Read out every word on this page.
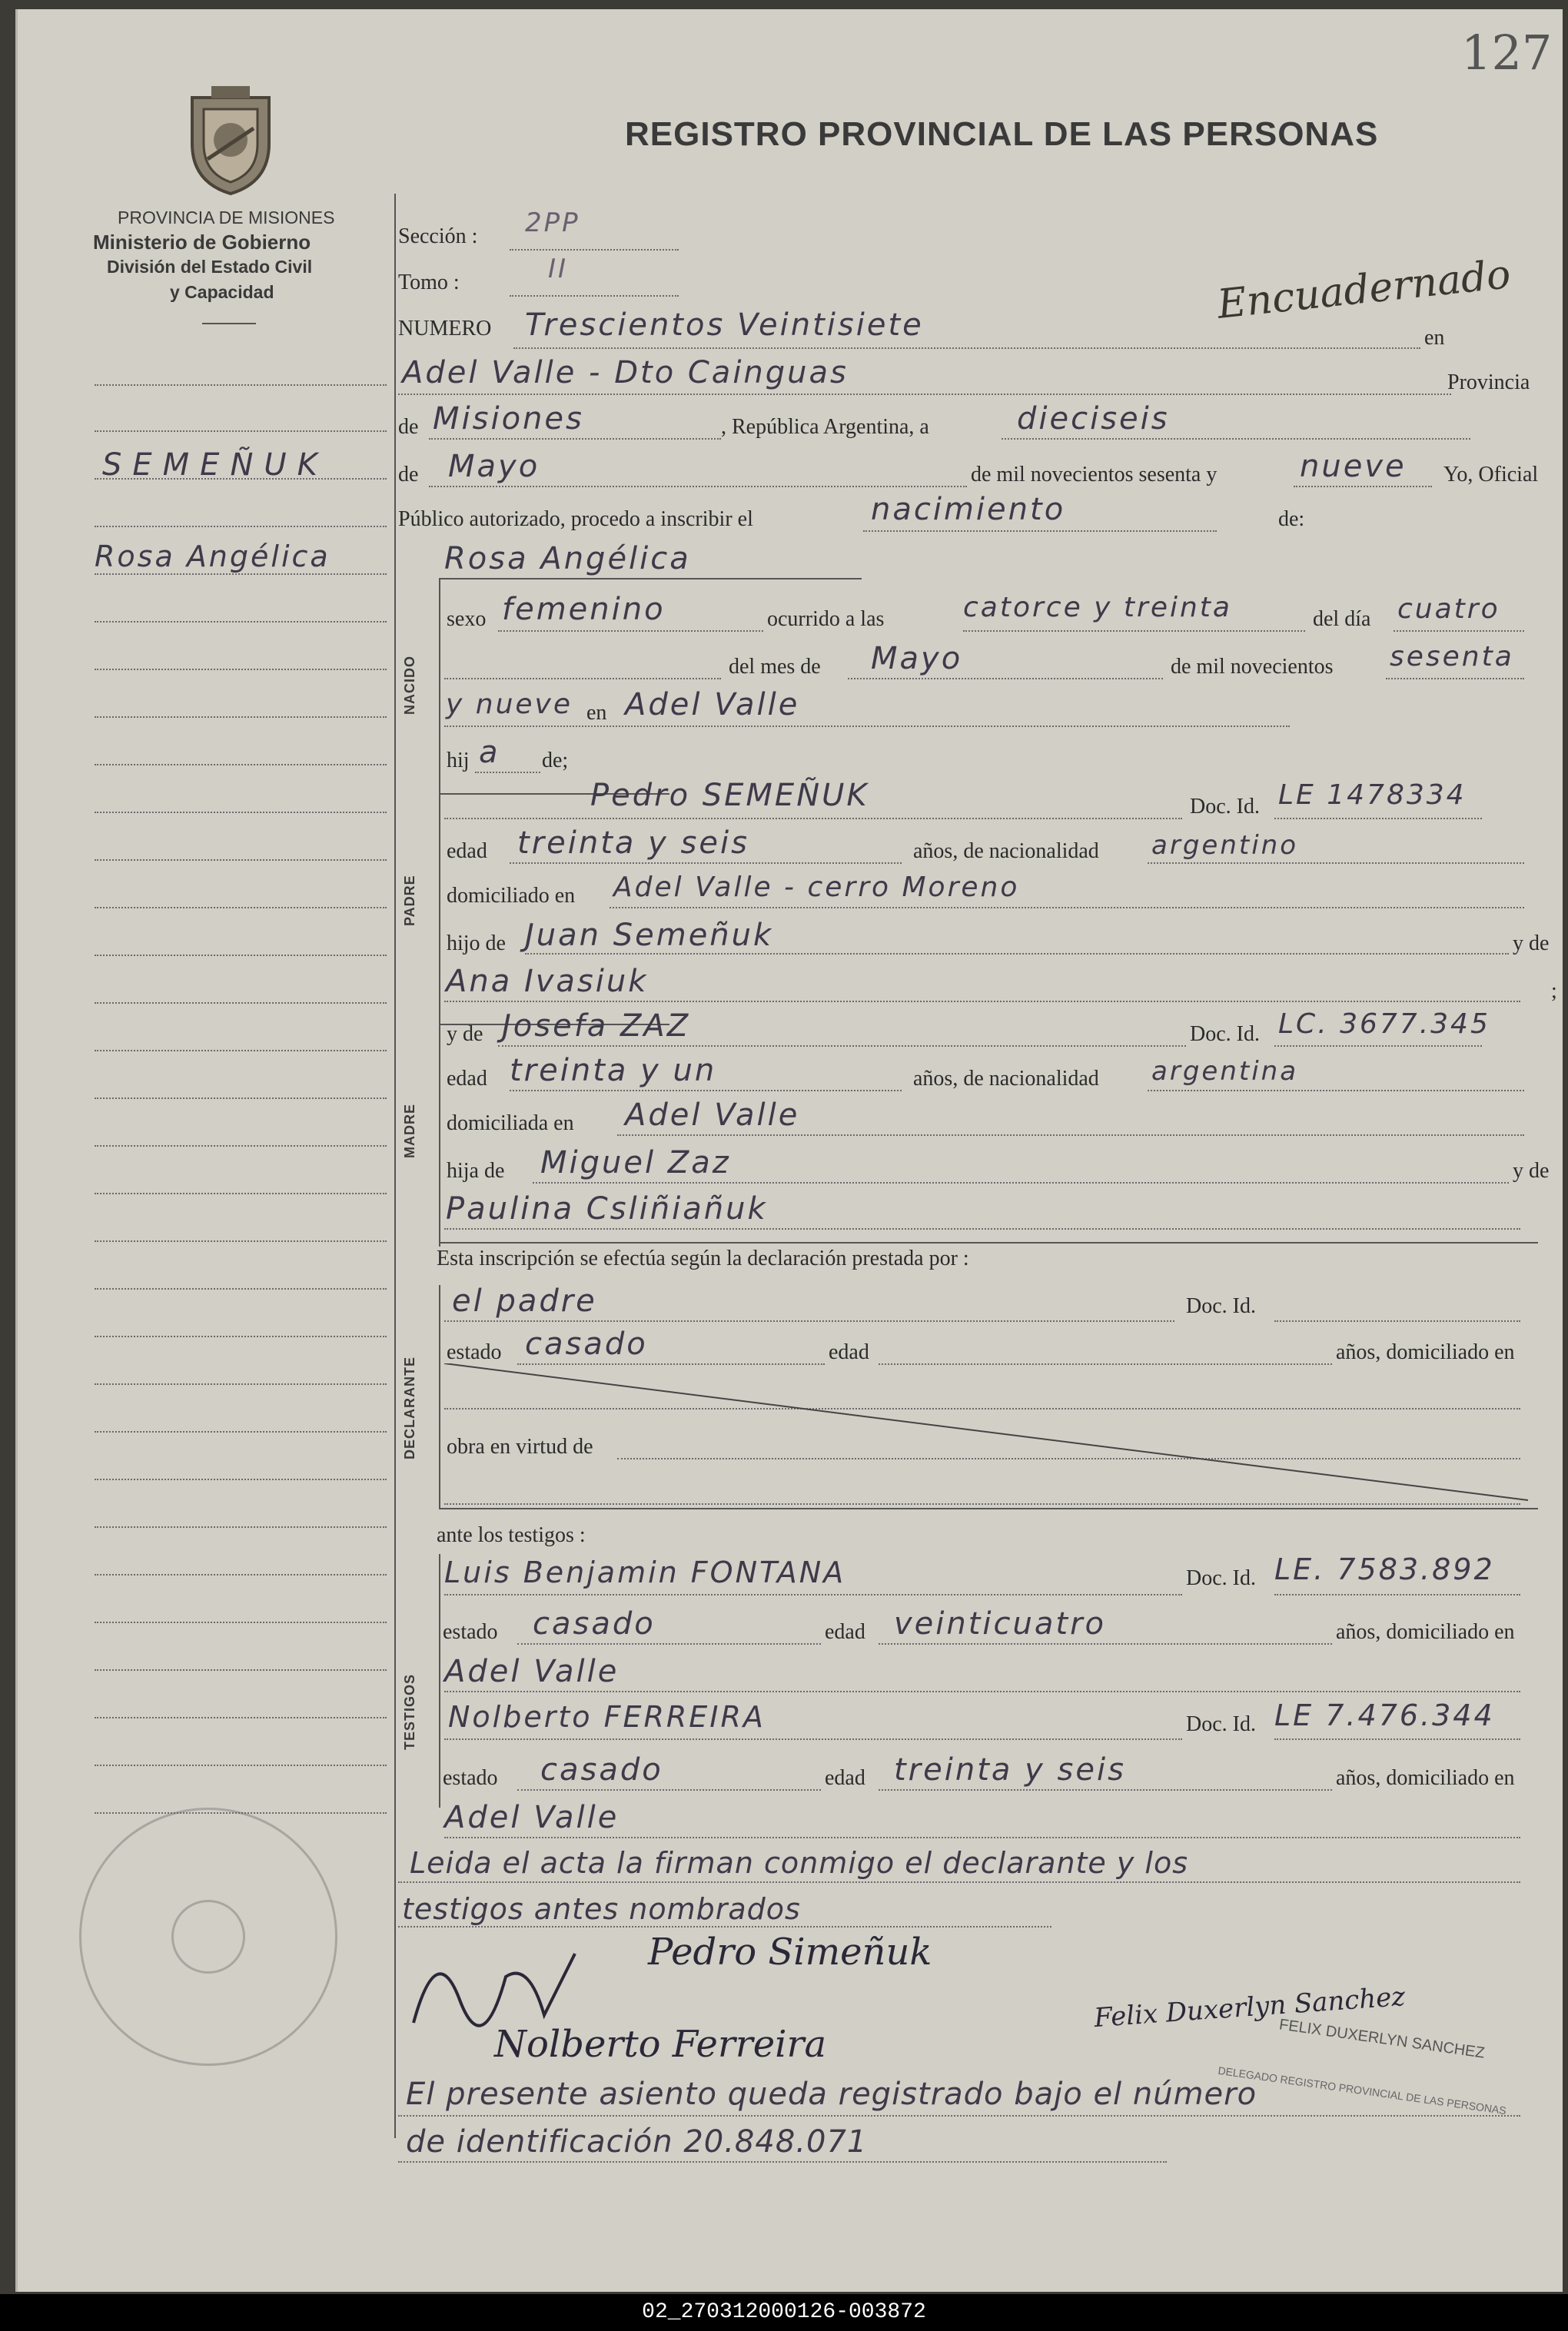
127
PROVINCIA DE MISIONES
Ministerio de Gobierno
División del Estado Civil
y Capacidad
REGISTRO PROVINCIAL DE LAS PERSONAS
SEMEÑUK
Rosa Angélica
Sección : 2PP
Tomo :	II	Encuadernado
NUMERO Trescientos Veintisiete	en
Adel Valle - Dto Cainguas	Provincia
de Misiones	, República Argentina, a	dieciseis
de Mayo	de mil novecientos sesenta y	nueve Yo, Oficial
Público autorizado, procedo a inscribir el	nacimiento	de:
NACIDO
Rosa Angélica
sexo femenino	ocurrido a las	catorce y treinta	del día cuatro
del mes de Mayo	de mil novecientos sesenta
y nueve en Adel Valle
hij a de;
PADRE
Pedro SEMEÑUK	Doc. Id. LE 1478334
edad treinta y seis	años, de nacionalidad argentino
domiciliado en Adel Valle - cerro Moreno
hijo de Juan Semeñuk	y de
Ana Ivasiuk	;
MADRE
y de Josefa ZAZ	Doc. Id. LC. 3677.345
edad treinta y un	años, de nacionalidad argentina
domiciliada en Adel Valle
hija de Miguel Zaz	y de
Paulina Csliñiañuk
Esta inscripción se efectúa según la declaración prestada por :
DECLARANTE
el padre	Doc. Id.
estado casado	edad	años, domiciliado en
obra en virtud de
ante los testigos :
TESTIGOS
Luis Benjamin FONTANA	Doc. Id. LE. 7583.892
estado casado	edad veinticuatro	años, domiciliado en
Adel Valle
Nolberto FERREIRA	Doc. Id. LE 7.476.344
estado casado	edad treinta y seis	años, domiciliado en
Adel Valle
Leida el acta la firman conmigo el declarante y los
testigos antes nombrados
Pedro Simeñuk
Nolberto Ferreira
Felix Duxerlyn Sanchez
FELIX DUXERLYN SANCHEZ
DELEGADO REGISTRO PROVINCIAL DE LAS PERSONAS
El presente asiento queda registrado bajo el número
de identificación 20.848.071
02_270312000126-003872
